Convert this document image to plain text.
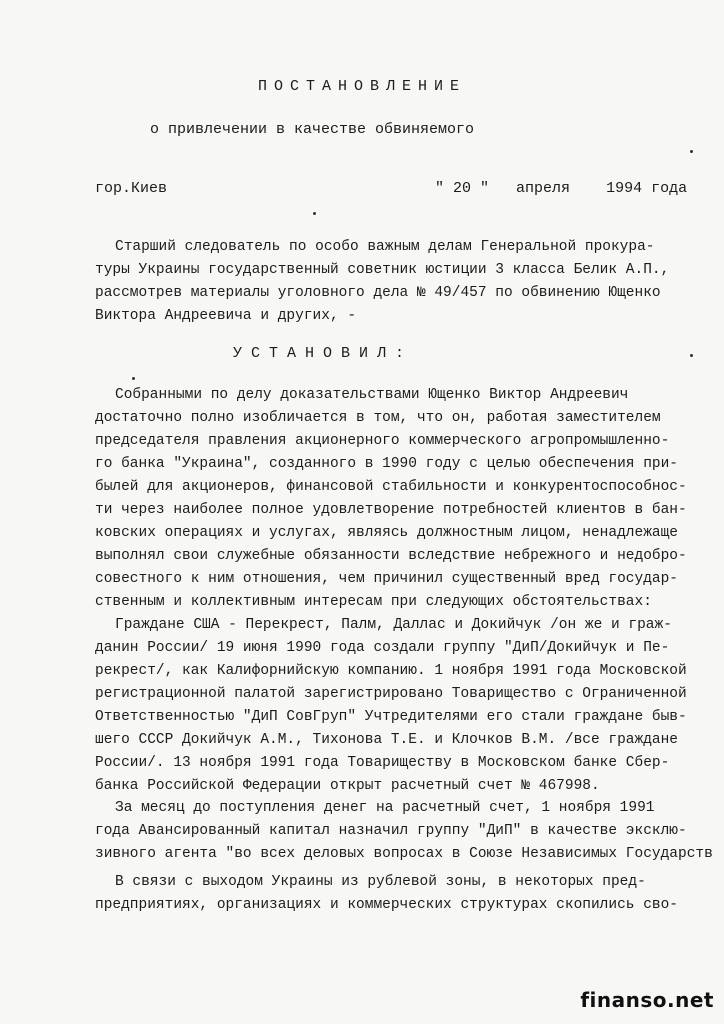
ПОСТАНОВЛЕНИЕ
о привлечении в качестве обвиняемого
гор.Киев	" 20 " апреля 1994 года
Старший следователь по особо важным делам Генеральной прокура-
туры Украины государственный советник юстиции 3 класса Белик А.П.,
рассмотрев материалы уголовного дела № 49/457 по обвинению Ющенко
Виктора Андреевича и других, -
УСТАНОВИЛ:
Собранными по делу доказательствами Ющенко Виктор Андреевич
достаточно полно изобличается в том, что он, работая заместителем
председателя правления акционерного коммерческого агропромышленно-
го банка "Украина", созданного в 1990 году с целью обеспечения при-
былей для акционеров, финансовой стабильности и конкурентоспособнос-
ти через наиболее полное удовлетворение потребностей клиентов в бан-
ковских операциях и услугах, являясь должностным лицом, ненадлежаще
выполнял свои служебные обязанности вследствие небрежного и недобро-
совестного к ним отношения, чем причинил существенный вред государ-
ственным и коллективным интересам при следующих обстоятельствах:
Граждане США - Перекрест, Палм, Даллас и Докийчук /он же и граж-
данин России/ 19 июня 1990 года создали группу "ДиП/Докийчук и Пе-
рекрест/, как Калифорнийскую компанию. 1 ноября 1991 года Московской
регистрационной палатой зарегистрировано Товарищество с Ограниченной
Ответственностью "ДиП СовГруп" Учтредителями его стали граждане быв-
шего СССР Докийчук А.М., Тихонова Т.Е. и Клочков В.М. /все граждане
России/. 13 ноября 1991 года Товариществу в Московском банке Сбер-
банка Российской Федерации открыт расчетный счет № 467998.
За месяц до поступления денег на расчетный счет, 1 ноября 1991
года Авансированный капитал назначил группу "ДиП" в качестве эксклю-
зивного агента "во всех деловых вопросах в Союзе Независимых Государств
В связи с выходом Украины из рублевой зоны, в некоторых пред-
предприятиях, организациях и коммерческих структурах скопились сво-
finanso.net
